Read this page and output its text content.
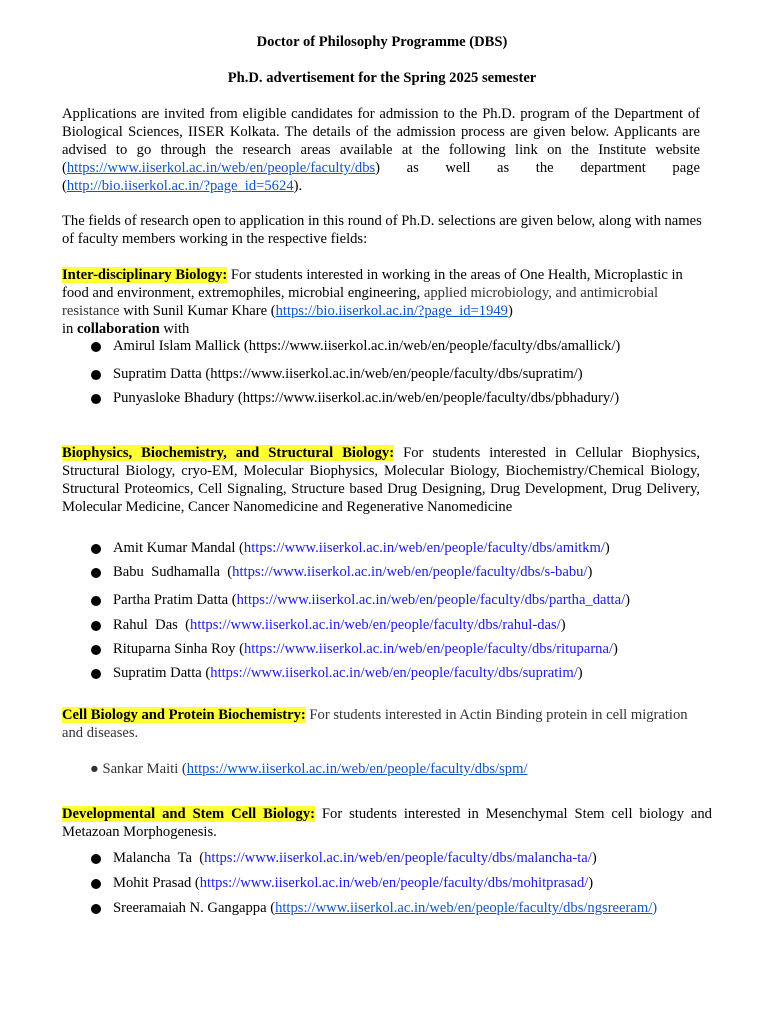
Doctor of Philosophy Programme (DBS)
Ph.D. advertisement for the Spring 2025 semester
Applications are invited from eligible candidates for admission to the Ph.D. program of the Department of Biological Sciences, IISER Kolkata. The details of the admission process are given below. Applicants are advised to go through the research areas available at the following link on the Institute website
(https://www.iiserkol.ac.in/web/en/people/faculty/dbs) as well as the department page
(http://bio.iiserkol.ac.in/?page_id=5624).
The fields of research open to application in this round of Ph.D. selections are given below, along with names of faculty members working in the respective fields:
Inter-disciplinary Biology: For students interested in working in the areas of One Health, Microplastic in food and environment, extremophiles, microbial engineering, applied microbiology, and antimicrobial resistance with Sunil Kumar Khare (https://bio.iiserkol.ac.in/?page_id=1949)
in collaboration with
Amirul Islam Mallick (https://www.iiserkol.ac.in/web/en/people/faculty/dbs/amallick/)
Supratim Datta (https://www.iiserkol.ac.in/web/en/people/faculty/dbs/supratim/)
Punyasloke Bhadury (https://www.iiserkol.ac.in/web/en/people/faculty/dbs/pbhadury/)
Biophysics, Biochemistry, and Structural Biology: For students interested in Cellular Biophysics, Structural Biology, cryo-EM, Molecular Biophysics, Molecular Biology, Biochemistry/Chemical Biology, Structural Proteomics, Cell Signaling, Structure based Drug Designing, Drug Development, Drug Delivery, Molecular Medicine, Cancer Nanomedicine and Regenerative Nanomedicine
Amit Kumar Mandal (https://www.iiserkol.ac.in/web/en/people/faculty/dbs/amitkm/)
Babu  Sudhamalla  (https://www.iiserkol.ac.in/web/en/people/faculty/dbs/s-babu/)
Partha Pratim Datta (https://www.iiserkol.ac.in/web/en/people/faculty/dbs/partha_datta/)
Rahul  Das  (https://www.iiserkol.ac.in/web/en/people/faculty/dbs/rahul-das/)
Rituparna Sinha Roy (https://www.iiserkol.ac.in/web/en/people/faculty/dbs/rituparna/)
Supratim Datta (https://www.iiserkol.ac.in/web/en/people/faculty/dbs/supratim/)
Cell Biology and Protein Biochemistry: For students interested in Actin Binding protein in cell migration and diseases.
● Sankar Maiti (https://www.iiserkol.ac.in/web/en/people/faculty/dbs/spm/
Developmental and Stem Cell Biology: For students interested in Mesenchymal Stem cell biology and Metazoan Morphogenesis.
Malancha  Ta  (https://www.iiserkol.ac.in/web/en/people/faculty/dbs/malancha-ta/)
Mohit Prasad (https://www.iiserkol.ac.in/web/en/people/faculty/dbs/mohitprasad/)
Sreeramaiah N. Gangappa (https://www.iiserkol.ac.in/web/en/people/faculty/dbs/ngsreeram/)
